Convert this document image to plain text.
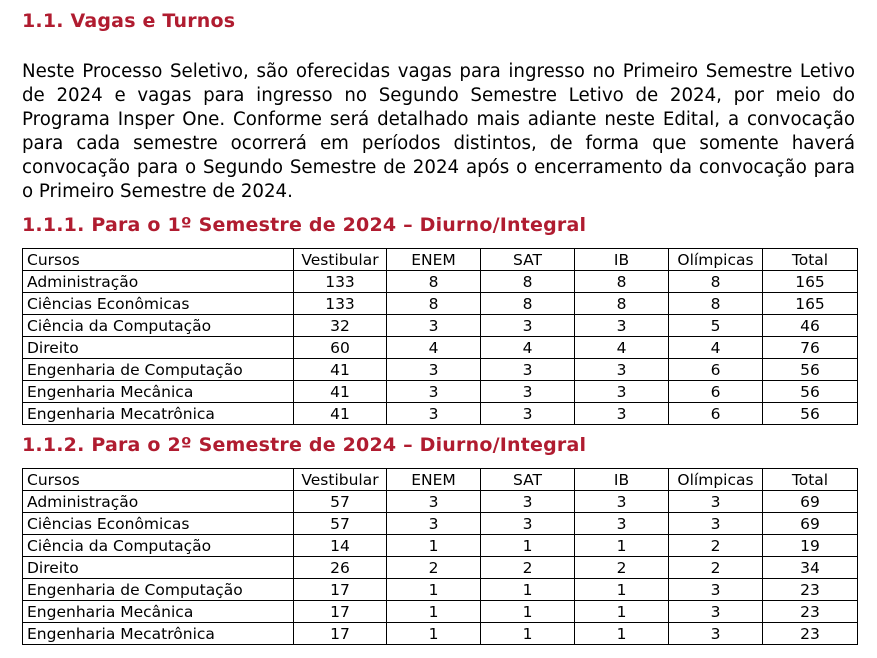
1.1. Vagas e Turnos

Neste Processo Seletivo, são oferecidas vagas para ingresso no Primeiro Semestre Letivo de 2024 e vagas para ingresso no Segundo Semestre Letivo de 2024, por meio do Programa Insper One. Conforme será detalhado mais adiante neste Edital, a convocação para cada semestre ocorrerá em períodos distintos, de forma que somente haverá convocação para o Segundo Semestre de 2024 após o encerramento da convocação para o Primeiro Semestre de 2024.

1.1.1. Para o 1º Semestre de 2024 – Diurno/Integral
Cursos	Vestibular	ENEM	SAT	IB	Olímpicas	Total
Administração	133	8	8	8	8	165
Ciências Econômicas	133	8	8	8	8	165
Ciência da Computação	32	3	3	3	5	46
Direito	60	4	4	4	4	76
Engenharia de Computação	41	3	3	3	6	56
Engenharia Mecânica	41	3	3	3	6	56
Engenharia Mecatrônica	41	3	3	3	6	56
1.1.2. Para o 2º Semestre de 2024 – Diurno/Integral
Cursos	Vestibular	ENEM	SAT	IB	Olímpicas	Total
Administração	57	3	3	3	3	69
Ciências Econômicas	57	3	3	3	3	69
Ciência da Computação	14	1	1	1	2	19
Direito	26	2	2	2	2	34
Engenharia de Computação	17	1	1	1	3	23
Engenharia Mecânica	17	1	1	1	3	23
Engenharia Mecatrônica	17	1	1	1	3	23
